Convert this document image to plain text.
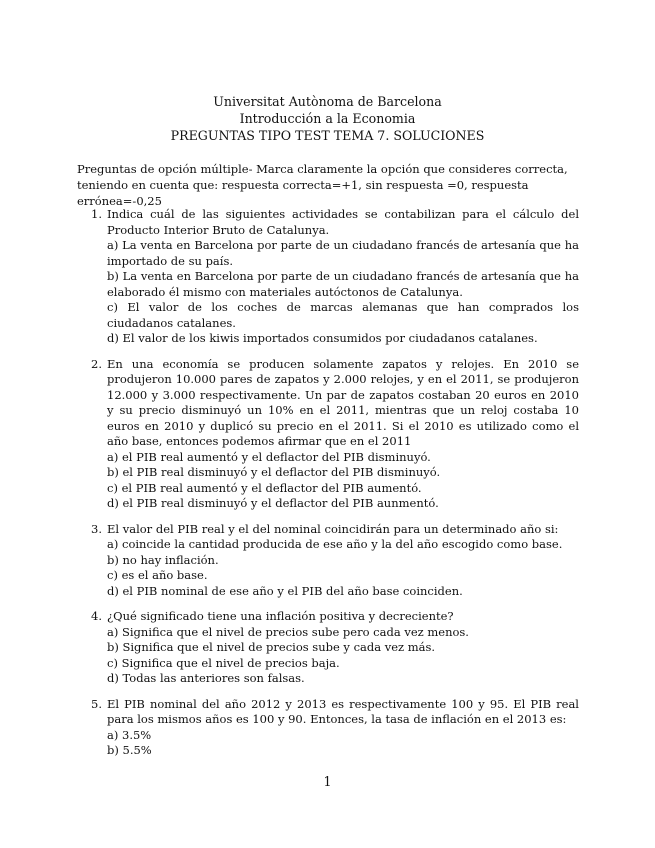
Universitat Autònoma de Barcelona
Introducción a la Economia
PREGUNTAS TIPO TEST TEMA 7. SOLUCIONES
Preguntas de opción múltiple- Marca claramente la opción que consideres correcta, teniendo en cuenta que: respuesta correcta=+1, sin respuesta =0, respuesta errónea=-0,25
1. Indica cuál de las siguientes actividades se contabilizan para el cálculo del Producto Interior Bruto de Catalunya.
a) La venta en Barcelona por parte de un ciudadano francés de artesanía que ha importado de su país.
b) La venta en Barcelona por parte de un ciudadano francés de artesanía que ha elaborado él mismo con materiales autóctonos de Catalunya.
c) El valor de los coches de marcas alemanas que han comprados los ciudadanos catalanes.
d) El valor de los kiwis importados consumidos por ciudadanos catalanes.
2. En una economía se producen solamente zapatos y relojes. En 2010 se produjeron 10.000 pares de zapatos y 2.000 relojes, y en el 2011, se produjeron 12.000 y 3.000 respectivamente. Un par de zapatos costaban 20 euros en 2010 y su precio disminuyó un 10% en el 2011, mientras que un reloj costaba 10 euros en 2010 y duplicó su precio en el 2011. Si el 2010 es utilizado como el año base, entonces podemos afirmar que en el 2011
a) el PIB real aumentó y el deflactor del PIB disminuyó.
b) el PIB real disminuyó y el deflactor del PIB disminuyó.
c) el PIB real aumentó y el deflactor del PIB aumentó.
d) el PIB real disminuyó y el deflactor del PIB aunmentó.
3. El valor del PIB real y el del nominal coincidirán para un determinado año si:
a) coincide la cantidad producida de ese año y la del año escogido como base.
b) no hay inflación.
c) es el año base.
d) el PIB nominal de ese año y el PIB del año base coinciden.
4. ¿Qué significado tiene una inflación positiva y decreciente?
a) Significa que el nivel de precios sube pero cada vez menos.
b) Significa que el nivel de precios sube y cada vez más.
c) Significa que el nivel de precios baja.
d) Todas las anteriores son falsas.
5. El PIB nominal del año 2012 y 2013 es respectivamente 100 y 95. El PIB real para los mismos años es 100 y 90. Entonces, la tasa de inflación en el 2013 es:
a) 3.5%
b) 5.5%
1
